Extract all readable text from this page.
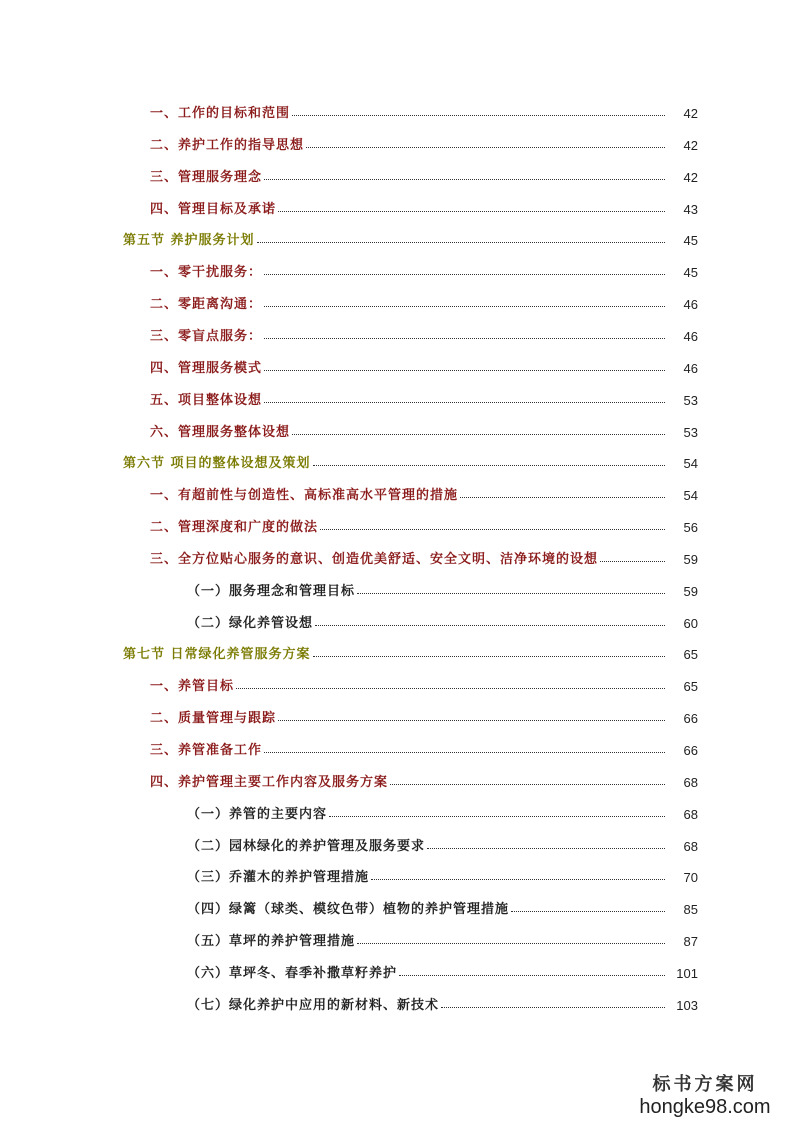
一、工作的目标和范围	42
二、养护工作的指导思想	42
三、管理服务理念	42
四、管理目标及承诺	43
第五节 养护服务计划	45
一、零干扰服务：	45
二、零距离沟通：	46
三、零盲点服务：	46
四、管理服务模式	46
五、项目整体设想	53
六、管理服务整体设想	53
第六节 项目的整体设想及策划	54
一、有超前性与创造性、高标准高水平管理的措施	54
二、管理深度和广度的做法	56
三、全方位贴心服务的意识、创造优美舒适、安全文明、洁净环境的设想	59
（一）服务理念和管理目标	59
（二）绿化养管设想	60
第七节 日常绿化养管服务方案	65
一、养管目标	65
二、质量管理与跟踪	66
三、养管准备工作	66
四、养护管理主要工作内容及服务方案	68
（一）养管的主要内容	68
（二）园林绿化的养护管理及服务要求	68
（三）乔灌木的养护管理措施	70
（四）绿篱（球类、模纹色带）植物的养护管理措施	85
（五）草坪的养护管理措施	87
（六）草坪冬、春季补撒草籽养护	101
（七）绿化养护中应用的新材料、新技术	103
标书方案网
hongke98.com
